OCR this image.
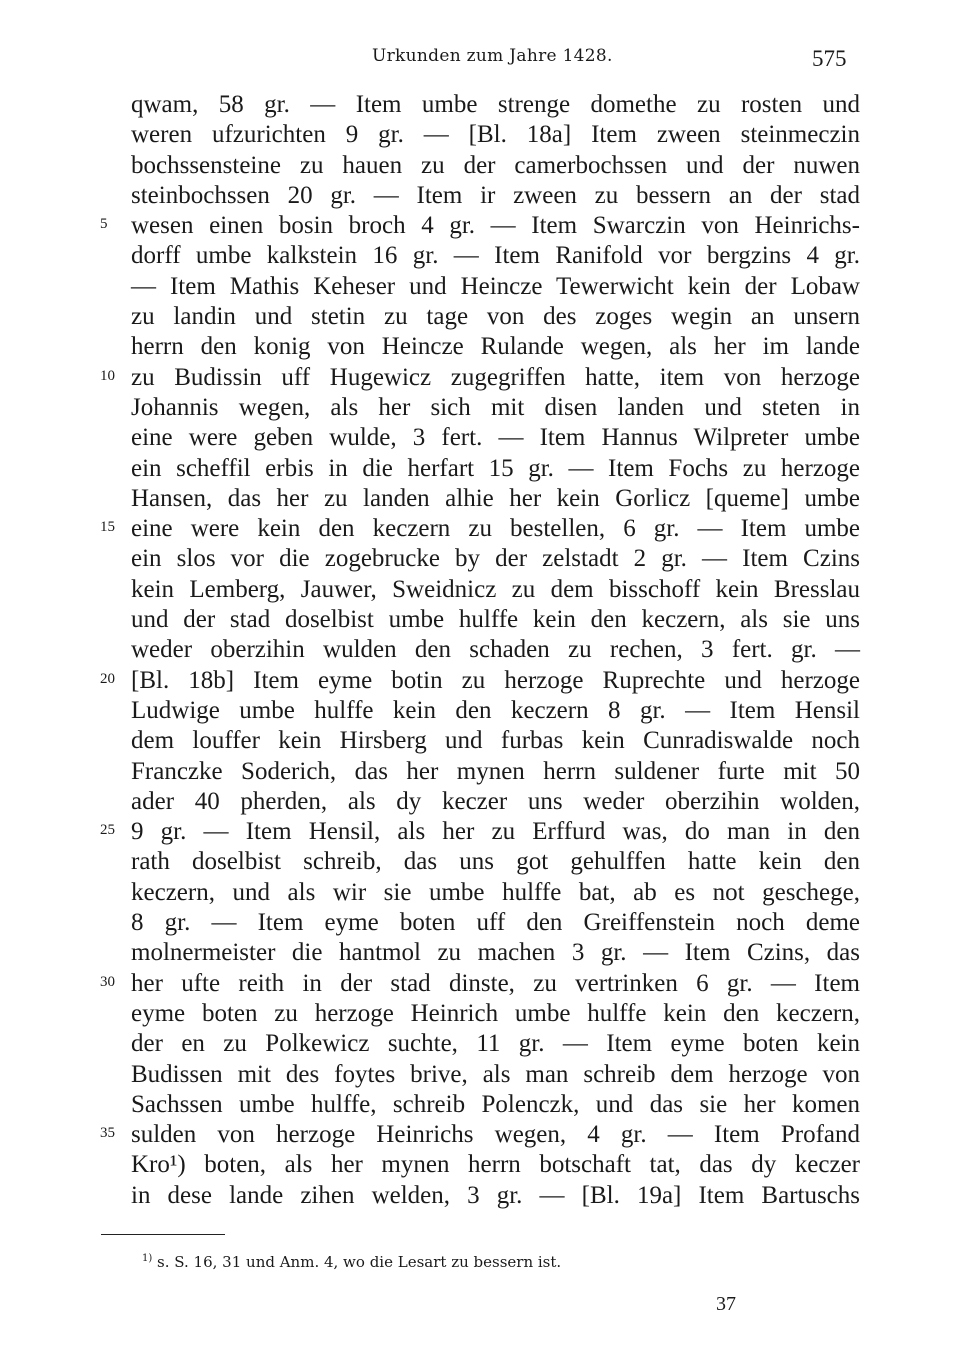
Urkunden zum Jahre 1428.	575
qwam, 58 gr. — Item umbe strenge domethe zu rosten und
weren ufzurichten 9 gr. — [Bl. 18a] Item zween steinmeczin
bochssensteine zu hauen zu der camerbochssen und der nuwen
steinbochssen 20 gr. — Item ir zween zu bessern an der stad
5 wesen einen bosin broch 4 gr. — Item Swarczin von Heinrichs-
dorff umbe kalkstein 16 gr. — Item Ranifold vor bergzins 4 gr.
— Item Mathis Keheser und Heincze Tewerwicht kein der Lobaw
zu landin und stetin zu tage von des zoges wegin an unsern
herrn den konig von Heincze Rulande wegen, als her im lande
10 zu Budissin uff Hugewicz zugegriffen hatte, item von herzoge
Johannis wegen, als her sich mit disen landen und steten in
eine were geben wulde, 3 fert. — Item Hannus Wilpreter umbe
ein scheffil erbis in die herfart 15 gr. — Item Fochs zu herzoge
Hansen, das her zu landen alhie her kein Gorlicz [queme] umbe
15 eine were kein den keczern zu bestellen, 6 gr. — Item umbe
ein slos vor die zogebrucke by der zelstadt 2 gr. — Item Czins
kein Lemberg, Jauwer, Sweidnicz zu dem bisschoff kein Bresslau
und der stad doselbist umbe hulffe kein den keczern, als sie uns
weder oberzihin wulden den schaden zu rechen, 3 fert. gr. —
20 [Bl. 18b] Item eyme botin zu herzoge Ruprechte und herzoge
Ludwige umbe hulffe kein den keczern 8 gr. — Item Hensil
dem louffer kein Hirsberg und furbas kein Cunradiswalde noch
Franczke Soderich, das her mynen herrn suldener furte mit 50
ader 40 pherden, als dy keczer uns weder oberzihin wolden,
25 9 gr. — Item Hensil, als her zu Erffurd was, do man in den
rath doselbist schreib, das uns got gehulffen hatte kein den
keczern, und als wir sie umbe hulffe bat, ab es not geschege,
8 gr. — Item eyme boten uff den Greiffenstein noch deme
molnermeister die hantmol zu machen 3 gr. — Item Czins, das
30 her ufte reith in der stad dinste, zu vertrinken 6 gr. — Item
eyme boten zu herzoge Heinrich umbe hulffe kein den keczern,
der en zu Polkewicz suchte, 11 gr. — Item eyme boten kein
Budissen mit des foytes brive, als man schreib dem herzoge von
Sachssen umbe hulffe, schreib Polenczk, und das sie her komen
35 sulden von herzoge Heinrichs wegen, 4 gr. — Item Profand
Kro¹) boten, als her mynen herrn botschaft tat, das dy keczer
in dese lande zihen welden, 3 gr. — [Bl. 19a] Item Bartuschs
$^{1)}$ s. S. 16, 31 und Anm. 4, wo die Lesart zu bessern ist.
37
